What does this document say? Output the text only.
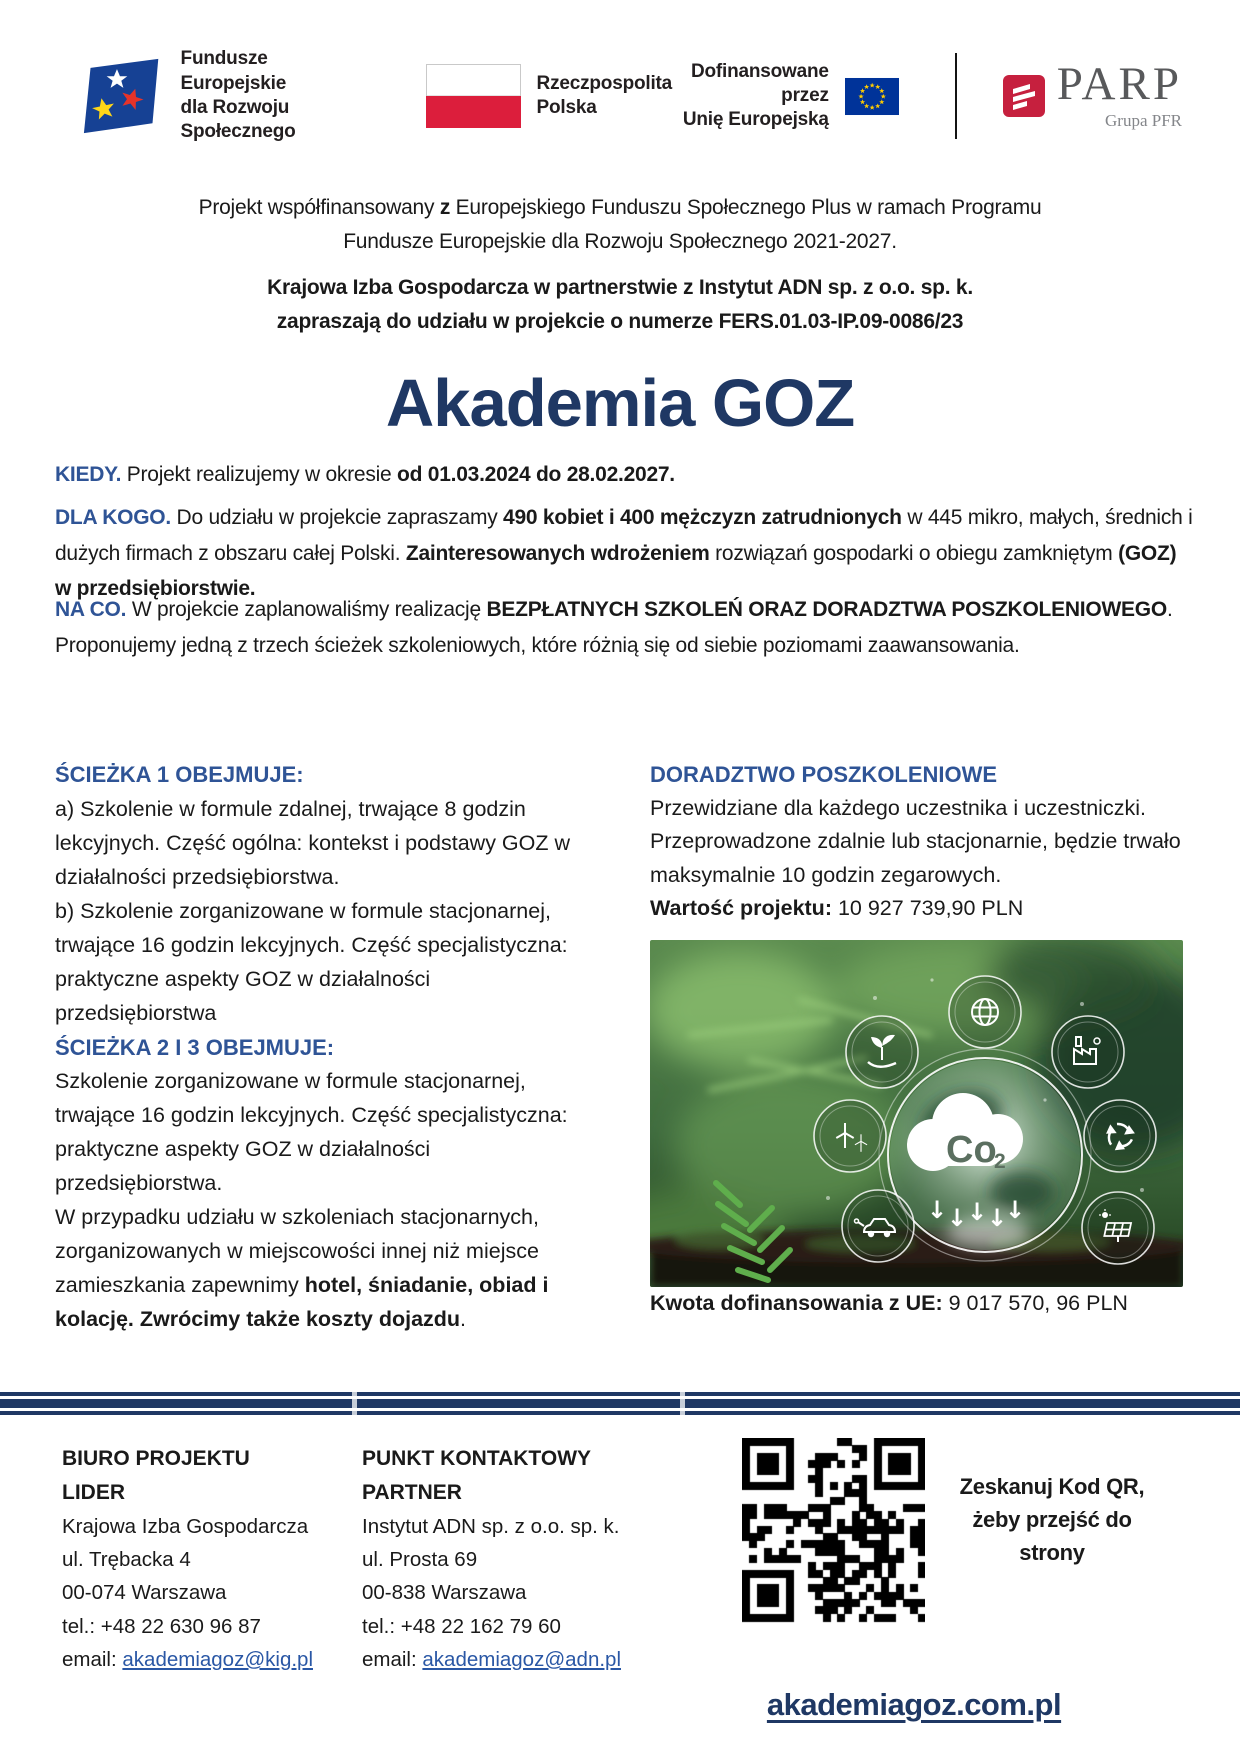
Fundusze Europejskie
dla Rozwoju Społecznego
Rzeczpospolita
Polska
Dofinansowane przez
Unię Europejską
PARP
Grupa PFR

Projekt współfinansowany z Europejskiego Funduszu Społecznego Plus w ramach Programu
Fundusze Europejskie dla Rozwoju Społecznego 2021-2027.

Krajowa Izba Gospodarcza w partnerstwie z Instytut ADN sp. z o.o. sp. k.
zapraszają do udziału w projekcie o numerze FERS.01.03-IP.09-0086/23

Akademia GOZ

KIEDY. Projekt realizujemy w okresie od 01.03.2024 do 28.02.2027.

DLA KOGO. Do udziału w projekcie zapraszamy 490 kobiet i 400 mężczyzn zatrudnionych w 445 mikro, małych, średnich i dużych firmach z obszaru całej Polski. Zainteresowanych wdrożeniem rozwiązań gospodarki o obiegu zamkniętym (GOZ) w przedsiębiorstwie.

NA CO. W projekcie zaplanowaliśmy realizację BEZPŁATNYCH SZKOLEŃ ORAZ DORADZTWA POSZKOLENIOWEGO. Proponujemy jedną z trzech ścieżek szkoleniowych, które różnią się od siebie poziomami zaawansowania.

ŚCIEŻKA 1 OBEJMUJE:

a) Szkolenie w formule zdalnej, trwające 8 godzin lekcyjnych. Część ogólna: kontekst i podstawy GOZ w działalności przedsiębiorstwa.
b) Szkolenie zorganizowane w formule stacjonarnej, trwające 16 godzin lekcyjnych. Część specjalistyczna: praktyczne aspekty GOZ w działalności przedsiębiorstwa

ŚCIEŻKA 2 I 3 OBEJMUJE:

Szkolenie zorganizowane w formule stacjonarnej, trwające 16 godzin lekcyjnych. Część specjalistyczna: praktyczne aspekty GOZ w działalności przedsiębiorstwa.

W przypadku udziału w szkoleniach stacjonarnych, zorganizowanych w miejscowości innej niż miejsce zamieszkania zapewnimy hotel, śniadanie, obiad i kolację. Zwrócimy także koszty dojazdu.

DORADZTWO POSZKOLENIOWE

Przewidziane dla każdego uczestnika i uczestniczki. Przeprowadzone zdalnie lub stacjonarnie, będzie trwało maksymalnie 10 godzin zegarowych.

Wartość projektu: 10 927 739,90 PLN

Co
2
↓ ↓ ↓ ↓
↓

Kwota dofinansowania z UE: 9 017 570, 96 PLN

BIURO PROJEKTU
LIDER
Krajowa Izba Gospodarcza
ul. Trębacka 4
00-074 Warszawa
tel.: +48 22 630 96 87
email: akademiagoz@kig.pl
PUNKT KONTAKTOWY
PARTNER
Instytut ADN sp. z o.o. sp. k.
ul. Prosta 69
00-838 Warszawa
tel.: +48 22 162 79 60
email: akademiagoz@adn.pl

Zeskanuj Kod QR, żeby przejść do strony

akademiagoz.com.pl
